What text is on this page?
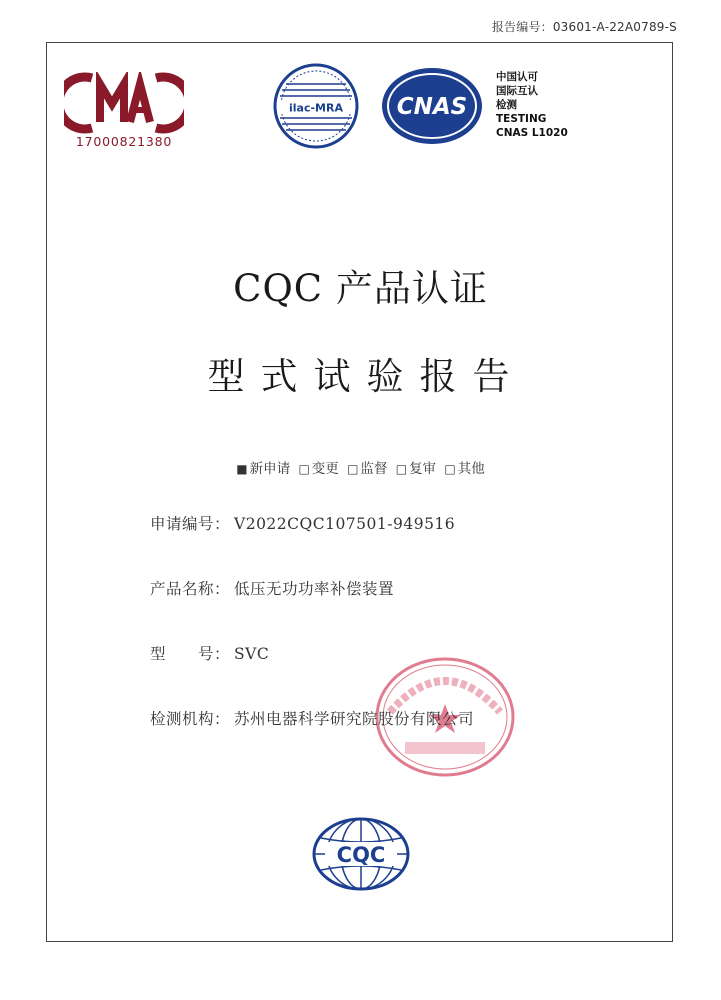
报告编号：03601-A-22A0789-S
17000821380
ilac-MRA CNAS
中国认可
国际互认
检测
TESTING
CNAS L1020
CQC 产品认证
型式试验报告
■ 新申请 □ 变更 □ 监督 □ 复审 □ 其他
申请编号： V2022CQC107501-949516
产品名称： 低压无功功率补偿装置
型　　号： SVC
检测机构： 苏州电器科学研究院股份有限公司
CQC
